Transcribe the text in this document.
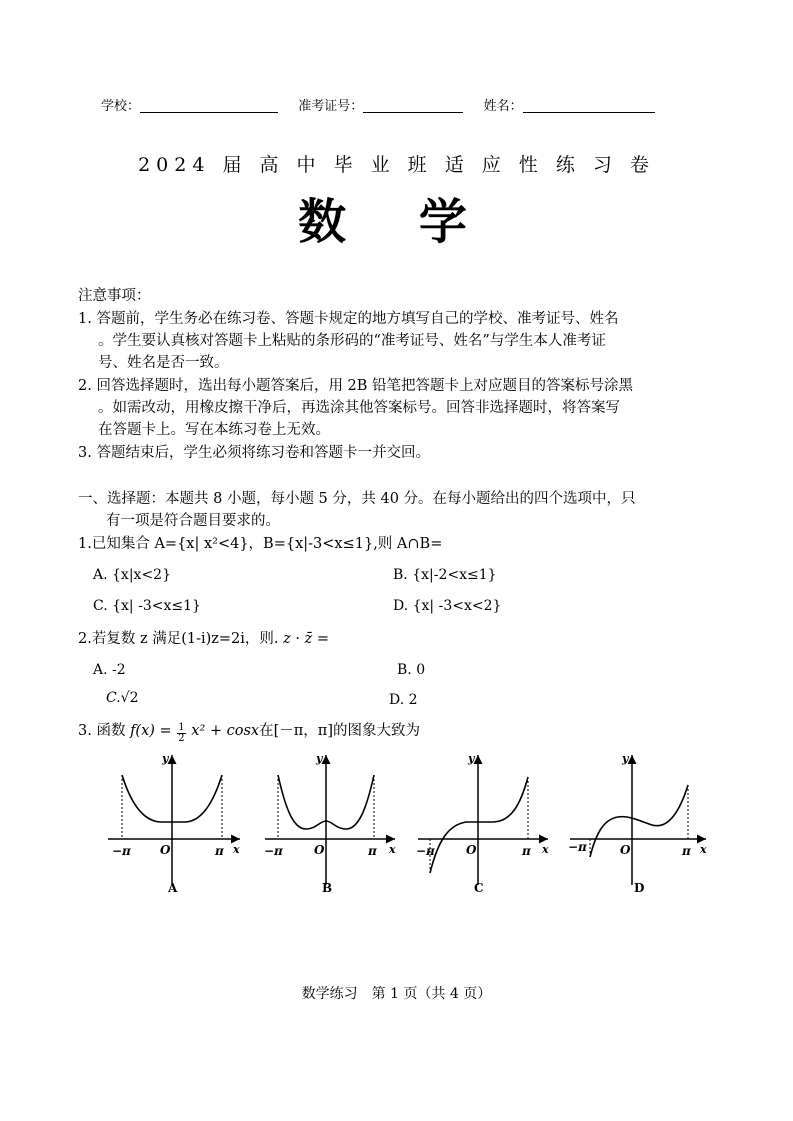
学校：	准考证号：	姓名：
2024 届 高 中 毕 业 班 适 应 性 练 习 卷
数 学
注意事项：
1. 答题前，学生务必在练习卷、答题卡规定的地方填写自己的学校、准考证号、姓名
。学生要认真核对答题卡上粘贴的条形码的“准考证号、姓名”与学生本人准考证
号、姓名是否一致。
2. 回答选择题时，选出每小题答案后，用 2B 铅笔把答题卡上对应题目的答案标号涂黑
。如需改动，用橡皮擦干净后，再选涂其他答案标号。回答非选择题时，将答案写
在答题卡上。写在本练习卷上无效。
3. 答题结束后，学生必须将练习卷和答题卡一并交回。
一、选择题：本题共 8 小题，每小题 5 分，共 40 分。在每小题给出的四个选项中，只
有一项是符合题目要求的。
1.已知集合 A={x| x²<4}，B={x|-3<x≤1},则 A∩B=
A. {x|x<2}	B. {x|-2<x≤1}
C. {x| -3<x≤1}	D. {x| -3<x<2}
2.若复数 z 满足(1-i)z=2i，则. z · z̄ =
A. -2	B. 0
C.√2	D. 2
3. 函数 $f(x) = \frac{1}{2} x^2 + \cos x$在[－π，π]的图象大致为
−π O	π x
y
A
−π	O	π x
y
B
−π	O	π x
y
C
−π	O	π x
y
D
数学练习　第 1 页（共 4 页）
